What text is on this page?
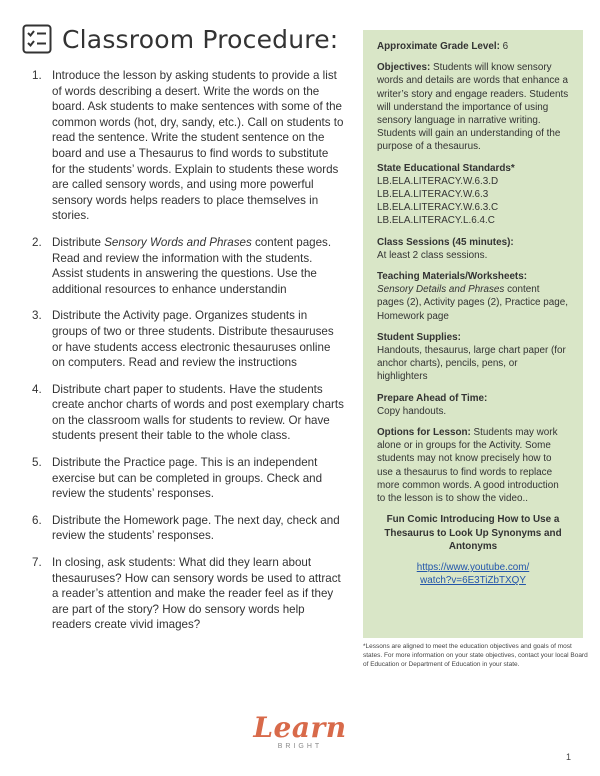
Classroom Procedure:
1. Introduce the lesson by asking students to provide a list of words describing a desert. Write the words on the board. Ask students to make sentences with some of the common words (hot, dry, sandy, etc.). Call on students to read the sentence. Write the student sentence on the board and use a Thesaurus to find words to substitute for the students’ words. Explain to students these words are called sensory words, and using more powerful sensory words helps readers to place themselves in stories.
2. Distribute Sensory Words and Phrases content pages. Read and review the information with the students. Assist students in answering the questions. Use the additional resources to enhance understandin
3. Distribute the Activity page. Organizes students in groups of two or three students. Distribute thesauruses or have students access electronic thesauruses online on computers. Read and review the instructions
4. Distribute chart paper to students. Have the students create anchor charts of words and post exemplary charts on the classroom walls for students to review. Or have students present their table to the whole class.
5. Distribute the Practice page. This is an independent exercise but can be completed in groups. Check and review the students’ responses.
6. Distribute the Homework page. The next day, check and review the students’ responses.
7. In closing, ask students: What did they learn about thesauruses? How can sensory words be used to attract a reader’s attention and make the reader feel as if they are part of the story? How do sensory words help readers create vivid images?
Approximate Grade Level: 6
Objectives: Students will know sensory words and details are words that enhance a writer’s story and engage readers. Students will understand the importance of using sensory language in narrative writing. Students will gain an understanding of the purpose of a thesaurus.
State Educational Standards*
LB.ELA.LITERACY.W.6.3.D
LB.ELA.LITERACY.W.6.3
LB.ELA.LITERACY.W.6.3.C
LB.ELA.LITERACY.L.6.4.C
Class Sessions (45 minutes):
At least 2 class sessions.
Teaching Materials/Worksheets:
Sensory Details and Phrases content pages (2), Activity pages (2), Practice page, Homework page
Student Supplies:
Handouts, thesaurus, large chart paper (for anchor charts), pencils, pens, or highlighters
Prepare Ahead of Time:
Copy handouts.
Options for Lesson: Students may work alone or in groups for the Activity. Some students may not know precisely how to use a thesaurus to find words to replace more common words. A good introduction to the lesson is to show the video..
Fun Comic Introducing How to Use a Thesaurus to Look Up Synonyms and Antonyms
https://www.youtube.com/
watch?v=6E3TiZbTXQY
*Lessons are aligned to meet the education objectives and goals of most states. For more information on your state objectives, contact your local Board of Education or Department of Education in your state.
Learn
BRIGHT
1
